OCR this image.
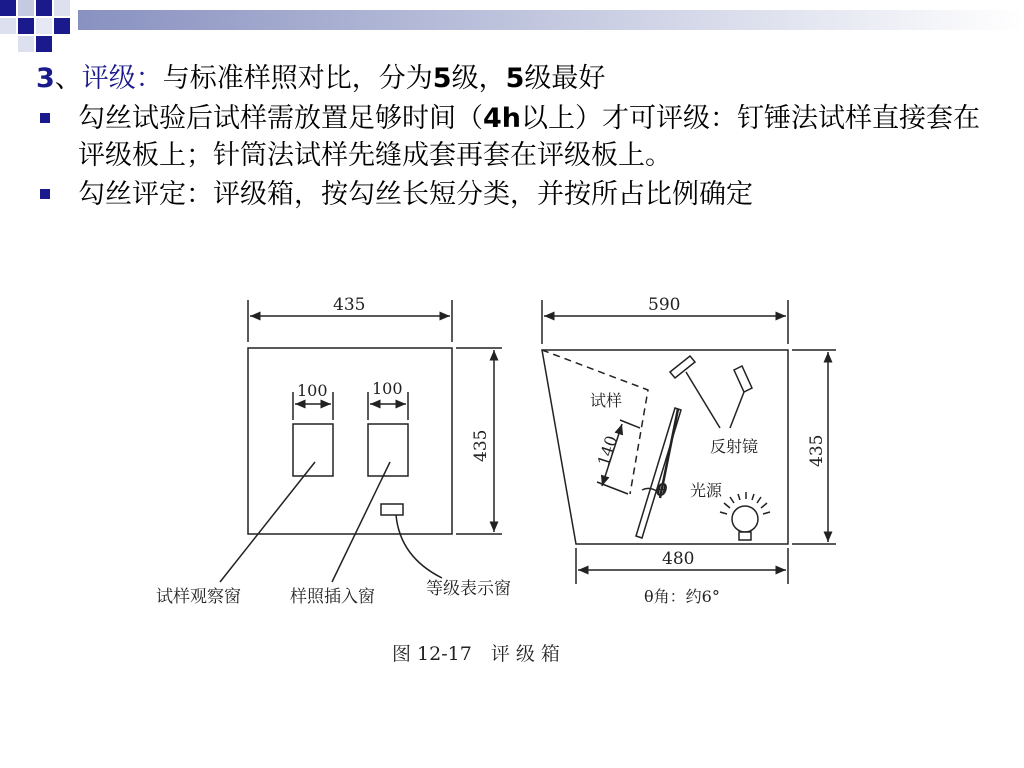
3、评级：与标准样照对比，分为5级，5级最好
勾丝试验后试样需放置足够时间（4h以上）才可评级：钉锤法试样直接套在评级板上；针筒法试样先缝成套再套在评级板上。
勾丝评定：评级箱，按勾丝长短分类，并按所占比例确定
435
100	100
435
试样观察窗	样照插入窗	等级表示窗
590
435
480
140
试样
反射镜
光源
θ
θ角：约6°
图 12-17　评 级 箱
